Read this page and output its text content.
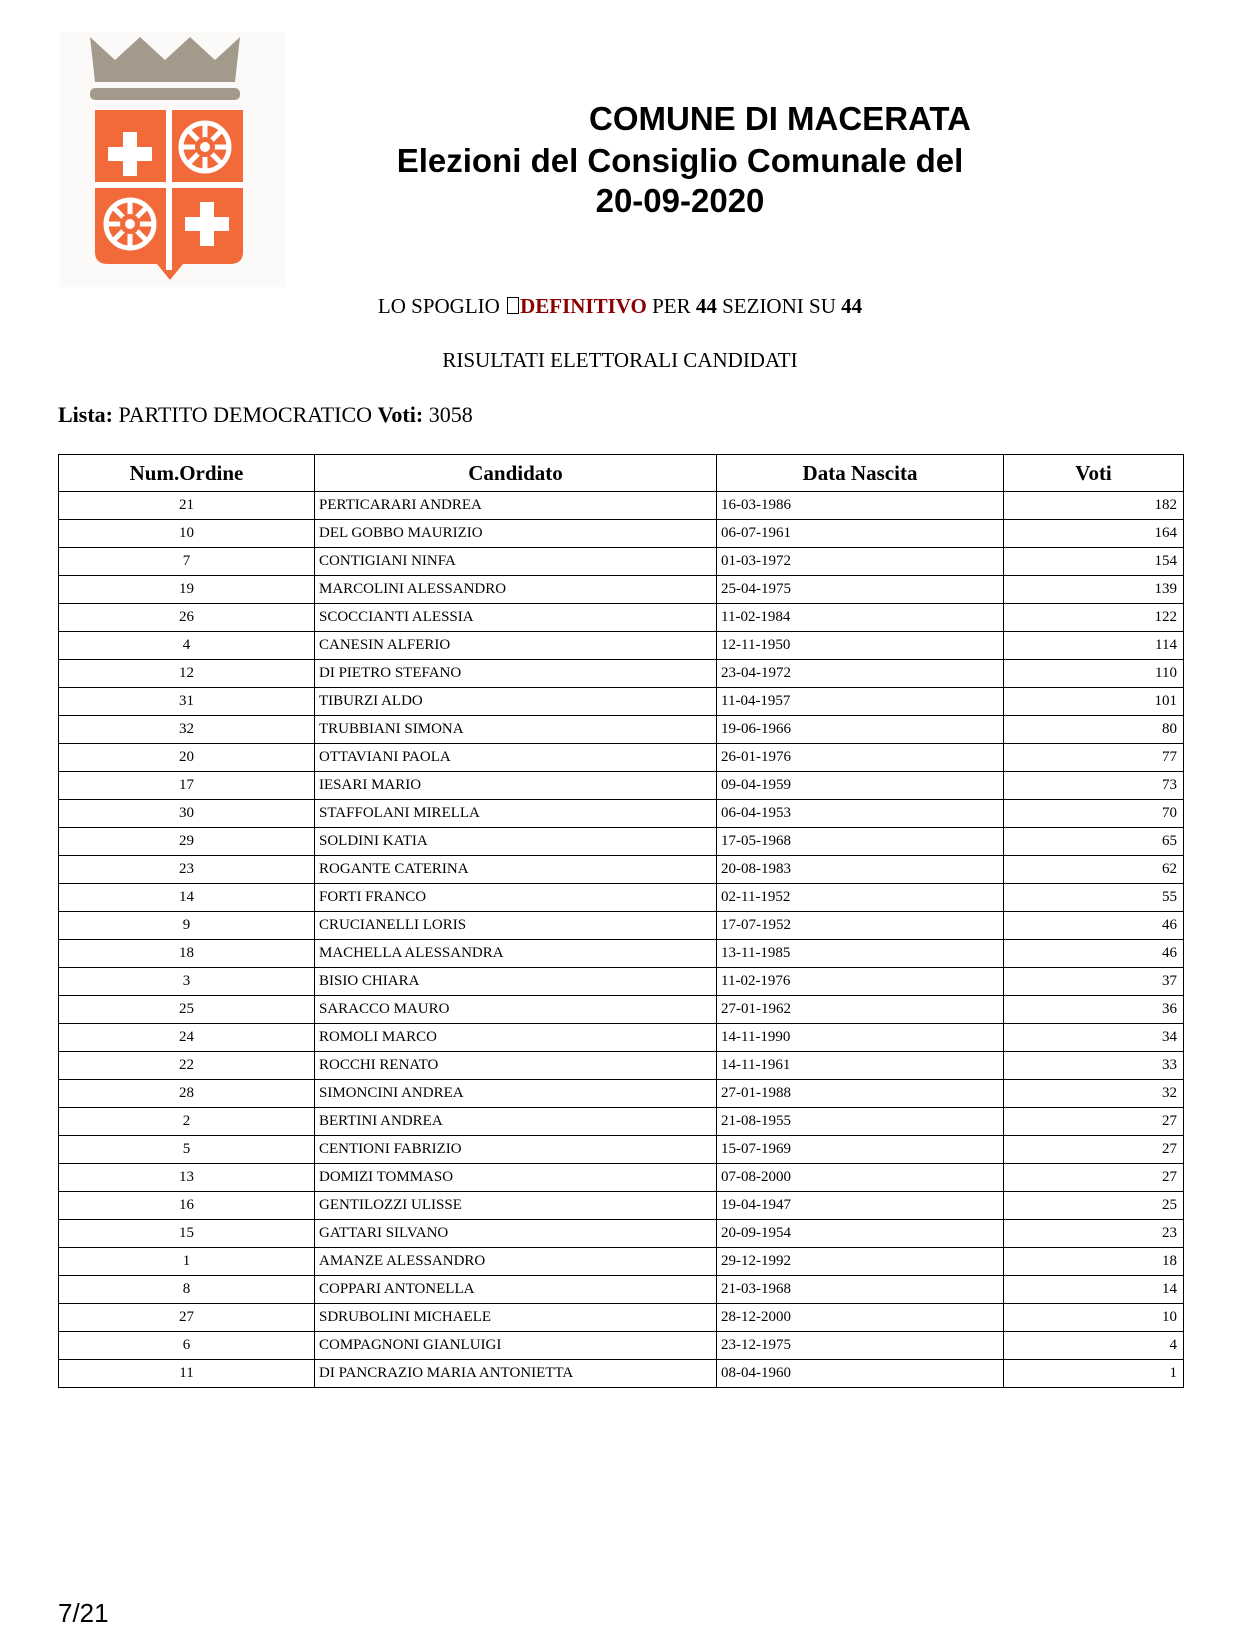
COMUNE DI MACERATA
Elezioni del Consiglio Comunale del
20-09-2020
LO SPOGLIO DEFINITIVO PER 44 SEZIONI SU 44
RISULTATI ELETTORALI CANDIDATI
Lista: PARTITO DEMOCRATICO Voti: 3058
Num.Ordine	Candidato	Data Nascita	Voti
21	PERTICARARI ANDREA	16-03-1986	182
10	DEL GOBBO MAURIZIO	06-07-1961	164
7	CONTIGIANI NINFA	01-03-1972	154
19	MARCOLINI ALESSANDRO	25-04-1975	139
26	SCOCCIANTI ALESSIA	11-02-1984	122
4	CANESIN ALFERIO	12-11-1950	114
12	DI PIETRO STEFANO	23-04-1972	110
31	TIBURZI ALDO	11-04-1957	101
32	TRUBBIANI SIMONA	19-06-1966	80
20	OTTAVIANI PAOLA	26-01-1976	77
17	IESARI MARIO	09-04-1959	73
30	STAFFOLANI MIRELLA	06-04-1953	70
29	SOLDINI KATIA	17-05-1968	65
23	ROGANTE CATERINA	20-08-1983	62
14	FORTI FRANCO	02-11-1952	55
9	CRUCIANELLI LORIS	17-07-1952	46
18	MACHELLA ALESSANDRA	13-11-1985	46
3	BISIO CHIARA	11-02-1976	37
25	SARACCO MAURO	27-01-1962	36
24	ROMOLI MARCO	14-11-1990	34
22	ROCCHI RENATO	14-11-1961	33
28	SIMONCINI ANDREA	27-01-1988	32
2	BERTINI ANDREA	21-08-1955	27
5	CENTIONI FABRIZIO	15-07-1969	27
13	DOMIZI TOMMASO	07-08-2000	27
16	GENTILOZZI ULISSE	19-04-1947	25
15	GATTARI SILVANO	20-09-1954	23
1	AMANZE ALESSANDRO	29-12-1992	18
8	COPPARI ANTONELLA	21-03-1968	14
27	SDRUBOLINI MICHAELE	28-12-2000	10
6	COMPAGNONI GIANLUIGI	23-12-1975	4
11	DI PANCRAZIO MARIA ANTONIETTA	08-04-1960	1
7/21
